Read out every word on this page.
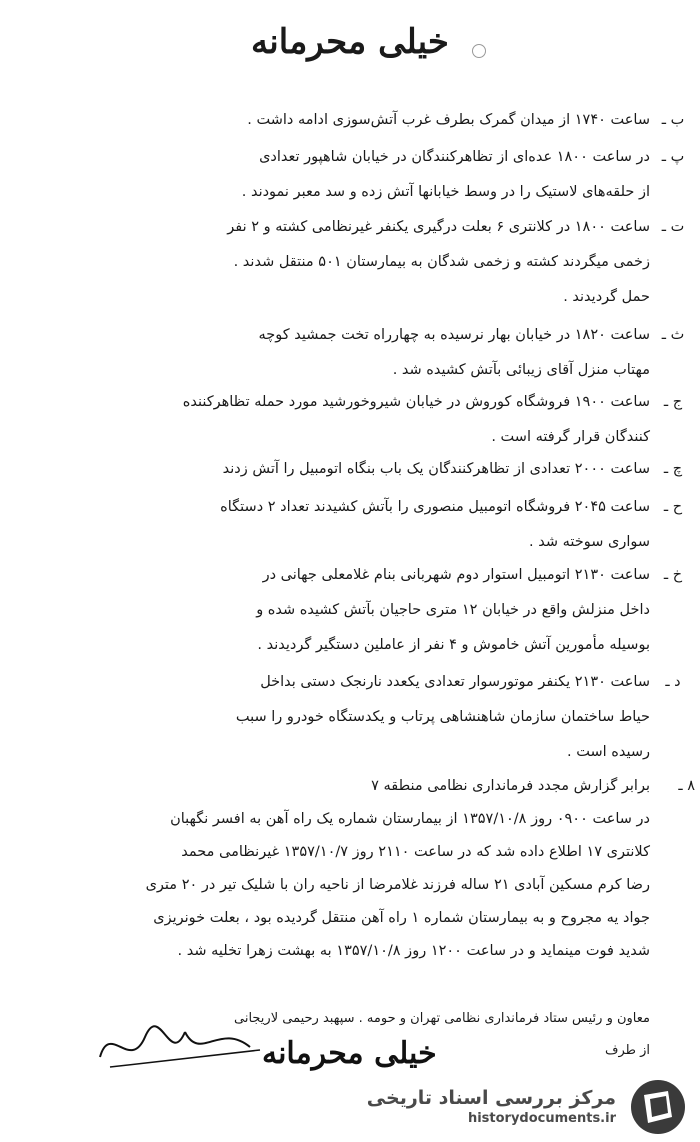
خیلی محرمانه
ب ـ
ساعت ۱۷۴۰ از میدان گمرک بطرف غرب آتش‌سوزی ادامه داشت .
پ ـ
در ساعت ۱۸۰۰ عده‌ای از تظاهرکنندگان در خیابان شاهپور تعدادی
از حلقه‌های لاستیک را در وسط خیابانها آتش زده و سد معبر نمودند .
ت ـ
ساعت ۱۸۰۰ در کلانتری ۶ بعلت درگیری یکنفر غیرنظامی کشته و ۲ نفر
زخمی میگردند کشته و زخمی شدگان به بیمارستان ۵۰۱ منتقل شدند .
حمل گردیدند .
ث ـ
ساعت ۱۸۲۰ در خیابان بهار نرسیده به چهارراه تخت جمشید کوچه
مهتاب منزل آقای زیبائی بآتش کشیده شد .
ج ـ
ساعت ۱۹۰۰ فروشگاه کوروش در خیابان شیروخورشید مورد حمله تظاهرکننده
کنندگان قرار گرفته است .
چ ـ
ساعت ۲۰۰۰ تعدادی از تظاهرکنندگان یک باب بنگاه اتومبیل را آتش زدند
ح ـ
ساعت ۲۰۴۵ فروشگاه اتومبیل منصوری را بآتش کشیدند تعداد ۲ دستگاه
سواری سوخته شد .
خ ـ
ساعت ۲۱۳۰ اتومبیل استوار دوم شهربانی بنام غلامعلی جهانی در
داخل منزلش واقع در خیابان ۱۲ متری حاجیان بآتش کشیده شده و
بوسیله مأمورین آتش خاموش و ۴ نفر از عاملین دستگیر گردیدند .
د ـ
ساعت ۲۱۳۰ یکنفر موتورسوار تعدادی یکعدد نارنجک دستی بداخل
حیاط ساختمان سازمان شاهنشاهی پرتاب و یکدستگاه خودرو را سبب
رسیده است .
۸ ـ
برابر گزارش مجدد فرمانداری نظامی منطقه ۷
در ساعت ۰۹۰۰ روز ۱۳۵۷/۱۰/۸ از بیمارستان شماره یک راه آهن به افسر نگهبان
کلانتری ۱۷ اطلاع داده شد که در ساعت ۲۱۱۰ روز ۱۳۵۷/۱۰/۷ غیرنظامی محمد
رضا کرم مسکین آبادی ۲۱ ساله فرزند غلامرضا از ناحیه ران با شلیک تیر در ۲۰ متری
جواد یه مجروح و به بیمارستان شماره ۱ راه آهن منتقل گردیده بود ، بعلت خونریزی
شدید فوت مینماید و در ساعت ۱۲۰۰ روز ۱۳۵۷/۱۰/۸ به بهشت زهرا تخلیه شد .
معاون و رئیس ستاد فرمانداری نظامی تهران و حومه . سپهبد رحیمی لاریجانی
از طرف
خیلی محرمانه
مرکز بررسی اسناد تاریخی
historydocuments.ir
